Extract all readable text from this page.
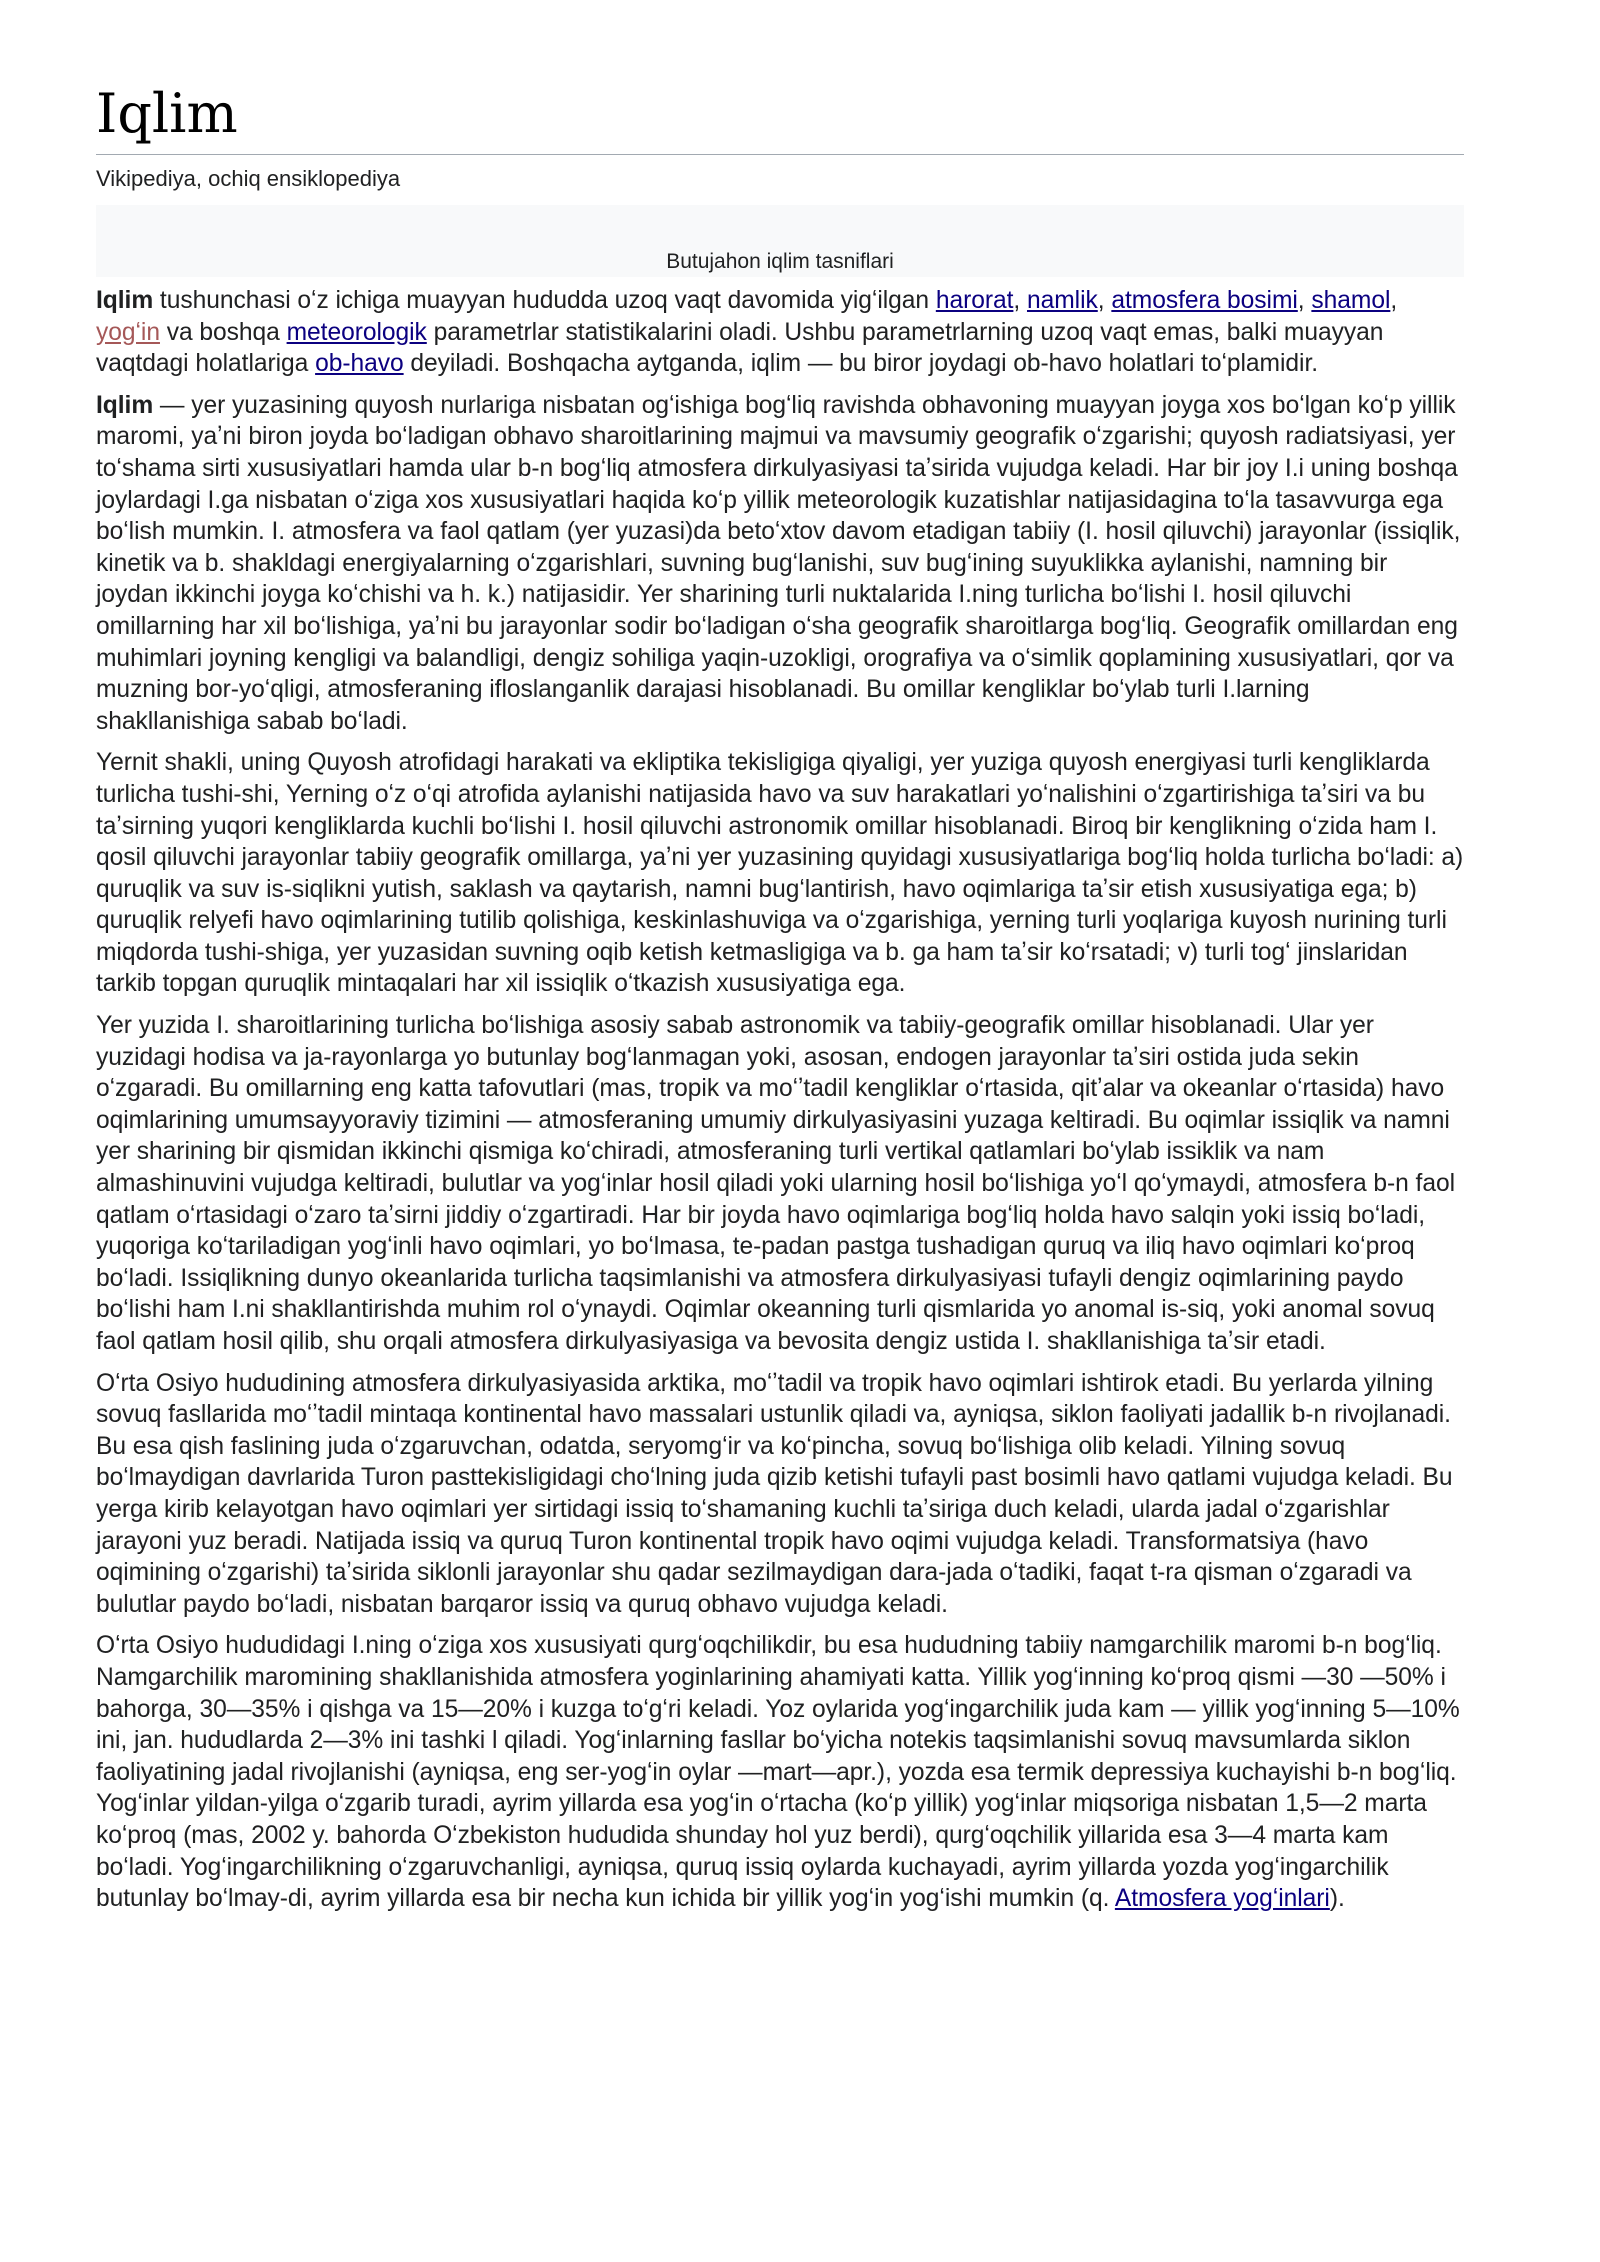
Iqlim

Vikipediya, ochiq ensiklopediya

Butujahon iqlim tasniflari

Iqlim tushunchasi oʻz ichiga muayyan hududda uzoq vaqt davomida yigʻilgan harorat, namlik, atmosfera bosimi, shamol, yogʻin va boshqa meteorologik parametrlar statistikalarini oladi. Ushbu parametrlarning uzoq vaqt emas, balki muayyan vaqtdagi holatlariga ob-havo deyiladi. Boshqacha aytganda, iqlim — bu biror joydagi ob-havo holatlari toʻplamidir.

Iqlim — yer yuzasining quyosh nurlariga nisbatan ogʻishiga bogʻliq ravishda obhavoning muayyan joyga xos boʻlgan koʻp yillik maromi, yaʼni biron joyda boʻladigan obhavo sharoitlarining majmui va mavsumiy geografik oʻzgarishi; quyosh radiatsiyasi, yer toʻshama sirti xususiyatlari hamda ular b-n bogʻliq atmosfera dirkulyasiyasi taʼsirida vujudga keladi. Har bir joy I.i uning boshqa joylardagi I.ga nisbatan oʻziga xos xususiyatlari haqida koʻp yillik meteorologik kuzatishlar natijasidagina toʻla tasavvurga ega boʻlish mumkin. I. atmosfera va faol qatlam (yer yuzasi)da betoʻxtov davom etadigan tabiiy (I. hosil qiluvchi) jarayonlar (issiqlik, kinetik va b. shakldagi energiyalarning oʻzgarishlari, suvning bugʻlanishi, suv bugʻining suyuklikka aylanishi, namning bir joydan ikkinchi joyga koʻchishi va h. k.) natijasidir. Yer sharining turli nuktalarida I.ning turlicha boʻlishi I. hosil qiluvchi omillarning har xil boʻlishiga, yaʼni bu jarayonlar sodir boʻladigan oʻsha geografik sharoitlarga bogʻliq. Geografik omillardan eng muhimlari joyning kengligi va balandligi, dengiz sohiliga yaqin-uzokligi, orografiya va oʻsimlik qoplamining xususiyatlari, qor va muzning bor-yoʻqligi, atmosferaning ifloslanganlik darajasi hisoblanadi. Bu omillar kengliklar boʻylab turli I.larning shakllanishiga sabab boʻladi.

Yernit shakli, uning Quyosh atrofidagi harakati va ekliptika tekisligiga qiyaligi, yer yuziga quyosh energiyasi turli kengliklarda turlicha tushi-shi, Yerning oʻz oʻqi atrofida aylanishi natijasida havo va suv harakatlari yoʻnalishini oʻzgartirishiga taʼsiri va bu taʼsirning yuqori kengliklarda kuchli boʻlishi I. hosil qiluvchi astronomik omillar hisoblanadi. Biroq bir kenglikning oʻzida ham I. qosil qiluvchi jarayonlar tabiiy geografik omillarga, yaʼni yer yuzasining quyidagi xususiyatlariga bogʻliq holda turlicha boʻladi: a) quruqlik va suv is-siqlikni yutish, saklash va qaytarish, namni bugʻlantirish, havo oqimlariga taʼsir etish xususiyatiga ega; b) quruqlik relyefi havo oqimlarining tutilib qolishiga, keskinlashuviga va oʻzgarishiga, yerning turli yoqlariga kuyosh nurining turli miqdorda tushi-shiga, yer yuzasidan suvning oqib ketish ketmasligiga va b. ga ham taʼsir koʻrsatadi; v) turli togʻ jinslaridan tarkib topgan quruqlik mintaqalari har xil issiqlik oʻtkazish xususiyatiga ega.

Yer yuzida I. sharoitlarining turlicha boʻlishiga asosiy sabab astronomik va tabiiy-geografik omillar hisoblanadi. Ular yer yuzidagi hodisa va ja-rayonlarga yo butunlay bogʻlanmagan yoki, asosan, endogen jarayonlar taʼsiri ostida juda sekin oʻzgaradi. Bu omillarning eng katta tafovutlari (mas, tropik va moʻʼtadil kengliklar oʻrtasida, qitʼalar va okeanlar oʻrtasida) havo oqimlarining umumsayyoraviy tizimini — atmosferaning umumiy dirkulyasiyasini yuzaga keltiradi. Bu oqimlar issiqlik va namni yer sharining bir qismidan ikkinchi qismiga koʻchiradi, atmosferaning turli vertikal qatlamlari boʻylab issiklik va nam almashinuvini vujudga keltiradi, bulutlar va yogʻinlar hosil qiladi yoki ularning hosil boʻlishiga yoʻl qoʻymaydi, atmosfera b-n faol qatlam oʻrtasidagi oʻzaro taʼsirni jiddiy oʻzgartiradi. Har bir joyda havo oqimlariga bogʻliq holda havo salqin yoki issiq boʻladi, yuqoriga koʻtariladigan yogʻinli havo oqimlari, yo boʻlmasa, te-padan pastga tushadigan quruq va iliq havo oqimlari koʻproq boʻladi. Issiqlikning dunyo okeanlarida turlicha taqsimlanishi va atmosfera dirkulyasiyasi tufayli dengiz oqimlarining paydo boʻlishi ham I.ni shakllantirishda muhim rol oʻynaydi. Oqimlar okeanning turli qismlarida yo anomal is-siq, yoki anomal sovuq faol qatlam hosil qilib, shu orqali atmosfera dirkulyasiyasiga va bevosita dengiz ustida I. shakllanishiga taʼsir etadi.

Oʻrta Osiyo hududining atmosfera dirkulyasiyasida arktika, moʻʼtadil va tropik havo oqimlari ishtirok etadi. Bu yerlarda yilning sovuq fasllarida moʻʼtadil mintaqa kontinental havo massalari ustunlik qiladi va, ayniqsa, siklon faoliyati jadallik b-n rivojlanadi. Bu esa qish faslining juda oʻzgaruvchan, odatda, seryomgʻir va koʻpincha, sovuq boʻlishiga olib keladi. Yilning sovuq boʻlmaydigan davrlarida Turon pasttekisligidagi choʻlning juda qizib ketishi tufayli past bosimli havo qatlami vujudga keladi. Bu yerga kirib kelayotgan havo oqimlari yer sirtidagi issiq toʻshamaning kuchli taʼsiriga duch keladi, ularda jadal oʻzgarishlar jarayoni yuz beradi. Natijada issiq va quruq Turon kontinental tropik havo oqimi vujudga keladi. Transformatsiya (havo oqimining oʻzgarishi) taʼsirida siklonli jarayonlar shu qadar sezilmaydigan dara-jada oʻtadiki, faqat t-ra qisman oʻzgaradi va bulutlar paydo boʻladi, nisbatan barqaror issiq va quruq obhavo vujudga keladi.

Oʻrta Osiyo hududidagi I.ning oʻziga xos xususiyati qurgʻoqchilikdir, bu esa hududning tabiiy namgarchilik maromi b-n bogʻliq. Namgarchilik maromining shakllanishida atmosfera yoginlarining ahamiyati katta. Yillik yogʻinning koʻproq qismi —30 —50% i bahorga, 30—35% i qishga va 15—20% i kuzga toʻgʻri keladi. Yoz oylarida yogʻingarchilik juda kam — yillik yogʻinning 5—10% ini, jan. hududlarda 2—3% ini tashki l qiladi. Yogʻinlarning fasllar boʻyicha notekis taqsimlanishi sovuq mavsumlarda siklon faoliyatining jadal rivojlanishi (ayniqsa, eng ser-yogʻin oylar —mart—apr.), yozda esa termik depressiya kuchayishi b-n bogʻliq. Yogʻinlar yildan-yilga oʻzgarib turadi, ayrim yillarda esa yogʻin oʻrtacha (koʻp yillik) yogʻinlar miqsoriga nisbatan 1,5—2 marta koʻproq (mas, 2002 y. bahorda Oʻzbekiston hududida shunday hol yuz berdi), qurgʻoqchilik yillarida esa 3—4 marta kam boʻladi. Yogʻingarchilikning oʻzgaruvchanligi, ayniqsa, quruq issiq oylarda kuchayadi, ayrim yillarda yozda yogʻingarchilik butunlay boʻlmay-di, ayrim yillarda esa bir necha kun ichida bir yillik yogʻin yogʻishi mumkin (q. Atmosfera yogʻinlari).
